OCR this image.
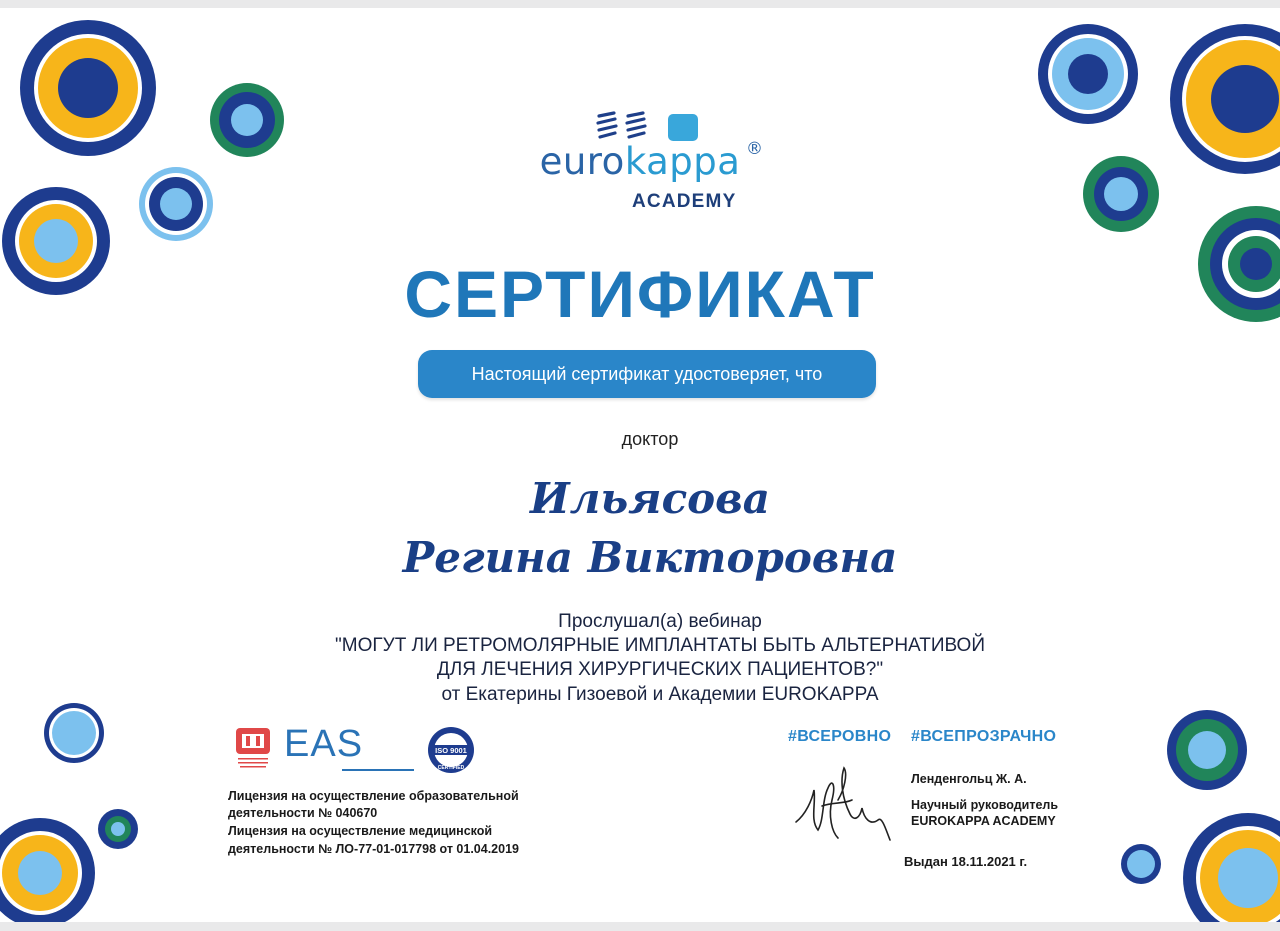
eurokappa ®
ACADEMY
СЕРТИФИКАТ
Настоящий сертификат удостоверяет, что
доктор
Ильясова
Регина Викторовна
Прослушал(а) вебинар
"МОГУТ ЛИ РЕТРОМОЛЯРНЫЕ ИМПЛАНТАТЫ БЫТЬ АЛЬТЕРНАТИВОЙ
ДЛЯ ЛЕЧЕНИЯ ХИРУРГИЧЕСКИХ ПАЦИЕНТОВ?"
от Екатерины Гизоевой и Академии EUROKAPPA
EAS	ISO 9001
CERTIFIED
Лицензия на осуществление образовательной
деятельности № 040670
Лицензия на осуществление медицинской
деятельности № ЛО-77-01-017798 от 01.04.2019
#ВСЕРОВНО #ВСЕПРОЗРАЧНО
Ленденгольц Ж. А.
Научный руководитель
EUROKAPPA ACADEMY
Выдан 18.11.2021 г.
